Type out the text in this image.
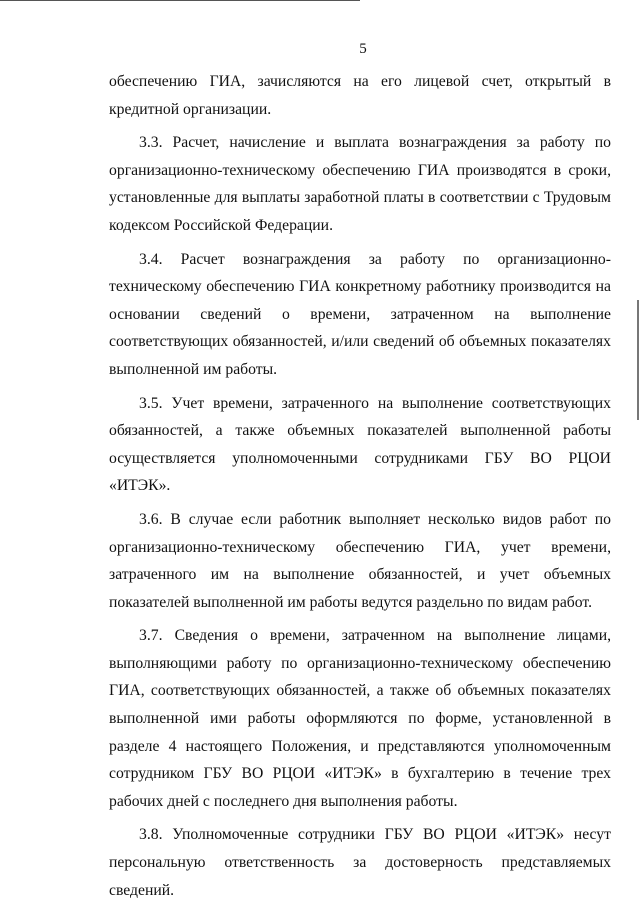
5

обеспечению ГИА, зачисляются на его лицевой счет, открытый в кредитной организации.

3.3. Расчет, начисление и выплата вознаграждения за работу по организационно-техническому обеспечению ГИА производятся в сроки, установленные для выплаты заработной платы в соответствии с Трудовым кодексом Российской Федерации.

3.4. Расчет вознаграждения за работу по организационно-техническому обеспечению ГИА конкретному работнику производится на основании сведений о времени, затраченном на выполнение соответствующих обязанностей, и/или сведений об объемных показателях выполненной им работы.

3.5. Учет времени, затраченного на выполнение соответствующих обязанностей, а также объемных показателей выполненной работы осуществляется уполномоченными сотрудниками ГБУ ВО РЦОИ «ИТЭК».

3.6. В случае если работник выполняет несколько видов работ по организационно-техническому обеспечению ГИА, учет времени, затраченного им на выполнение обязанностей, и учет объемных показателей выполненной им работы ведутся раздельно по видам работ.

3.7. Сведения о времени, затраченном на выполнение лицами, выполняющими работу по организационно-техническому обеспечению ГИА, соответствующих обязанностей, а также об объемных показателях выполненной ими работы оформляются по форме, установленной в разделе 4 настоящего Положения, и представляются уполномоченным сотрудником ГБУ ВО РЦОИ «ИТЭК» в бухгалтерию в течение трех рабочих дней с последнего дня выполнения работы.

3.8. Уполномоченные сотрудники ГБУ ВО РЦОИ «ИТЭК» несут персональную ответственность за достоверность представляемых сведений.
